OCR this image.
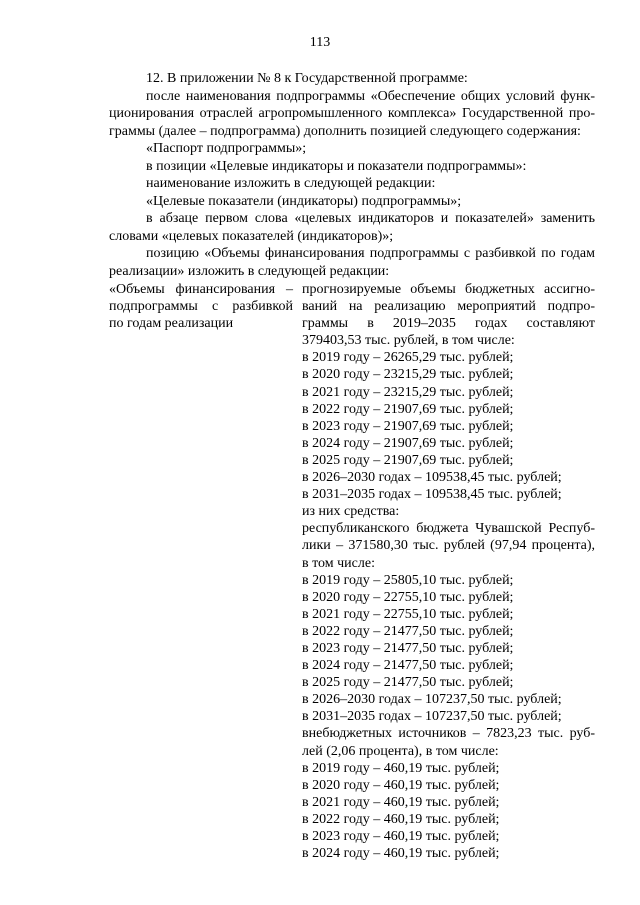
113
12. В приложении № 8 к Государственной программе:
после наименования подпрограммы «Обеспечение общих условий функ-
ционирования отраслей агропромышленного комплекса» Государственной про-
граммы (далее – подпрограмма) дополнить позицией следующего содержания:
«Паспорт подпрограммы»;
в позиции «Целевые индикаторы и показатели подпрограммы»:
наименование изложить в следующей редакции:
«Целевые показатели (индикаторы) подпрограммы»;
в абзаце первом слова «целевых индикаторов и показателей» заменить
словами «целевых показателей (индикаторов)»;
позицию «Объемы финансирования подпрограммы с разбивкой по годам
реализации» изложить в следующей редакции:
«Объемы финансирования –
подпрограммы с разбивкой
по годам реализации
прогнозируемые объемы бюджетных ассигно-
ваний на реализацию мероприятий подпро-
граммы в 2019–2035 годах составляют
379403,53 тыс. рублей, в том числе:
в 2019 году – 26265,29 тыс. рублей;
в 2020 году – 23215,29 тыс. рублей;
в 2021 году – 23215,29 тыс. рублей;
в 2022 году – 21907,69 тыс. рублей;
в 2023 году – 21907,69 тыс. рублей;
в 2024 году – 21907,69 тыс. рублей;
в 2025 году – 21907,69 тыс. рублей;
в 2026–2030 годах – 109538,45 тыс. рублей;
в 2031–2035 годах – 109538,45 тыс. рублей;
из них средства:
республиканского бюджета Чувашской Респуб-
лики – 371580,30 тыс. рублей (97,94 процента),
в том числе:
в 2019 году – 25805,10 тыс. рублей;
в 2020 году – 22755,10 тыс. рублей;
в 2021 году – 22755,10 тыс. рублей;
в 2022 году – 21477,50 тыс. рублей;
в 2023 году – 21477,50 тыс. рублей;
в 2024 году – 21477,50 тыс. рублей;
в 2025 году – 21477,50 тыс. рублей;
в 2026–2030 годах – 107237,50 тыс. рублей;
в 2031–2035 годах – 107237,50 тыс. рублей;
внебюджетных источников – 7823,23 тыс. руб-
лей (2,06 процента), в том числе:
в 2019 году – 460,19 тыс. рублей;
в 2020 году – 460,19 тыс. рублей;
в 2021 году – 460,19 тыс. рублей;
в 2022 году – 460,19 тыс. рублей;
в 2023 году – 460,19 тыс. рублей;
в 2024 году – 460,19 тыс. рублей;
